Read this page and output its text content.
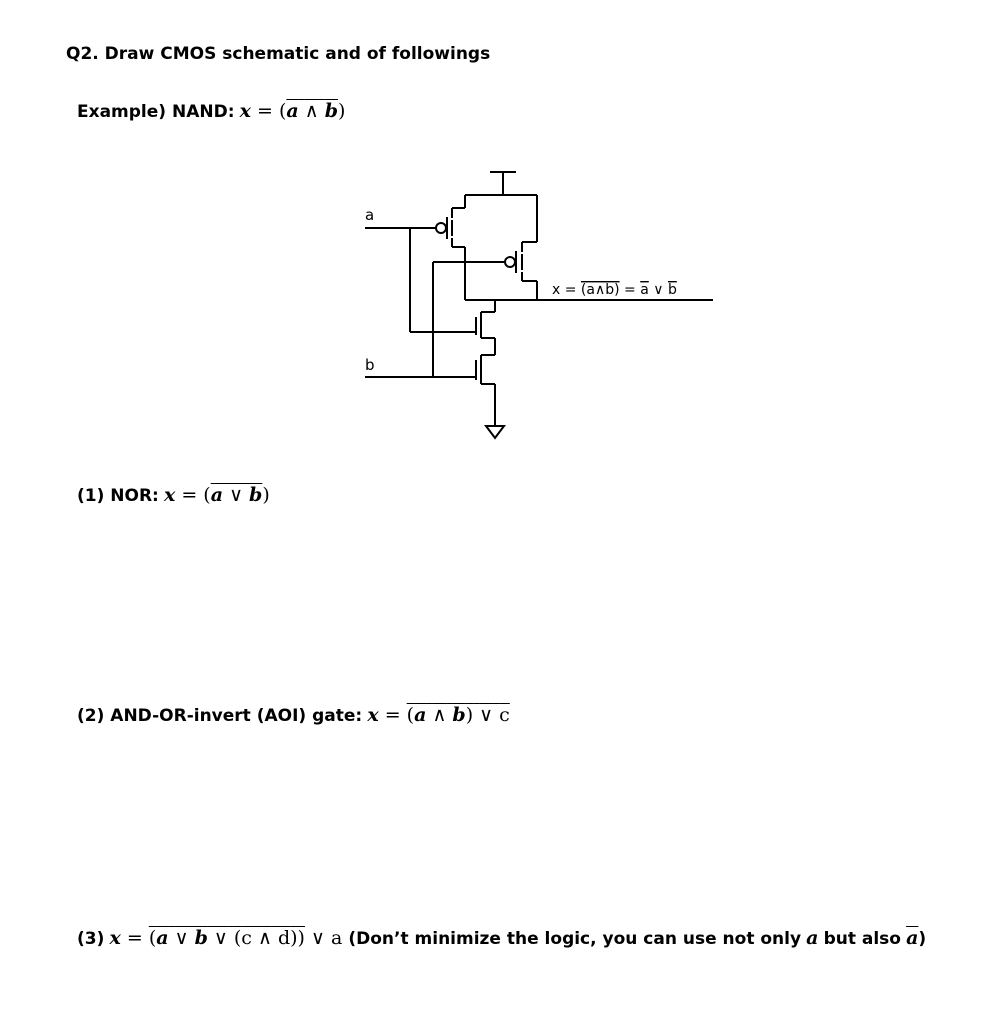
Q2. Draw CMOS schematic and of followings
Example) NAND: x = (a ∧ b)
a
b
x = (a∧b) = a ∨ b
(1) NOR: x = (a ∨ b)
(2) AND-OR-invert (AOI) gate: x = (a ∧ b) ∨ c
(3) x = (a ∨ b ∨ (c ∧ d)) ∨ a (Don’t minimize the logic, you can use not only a but also $\overline{a}$)
